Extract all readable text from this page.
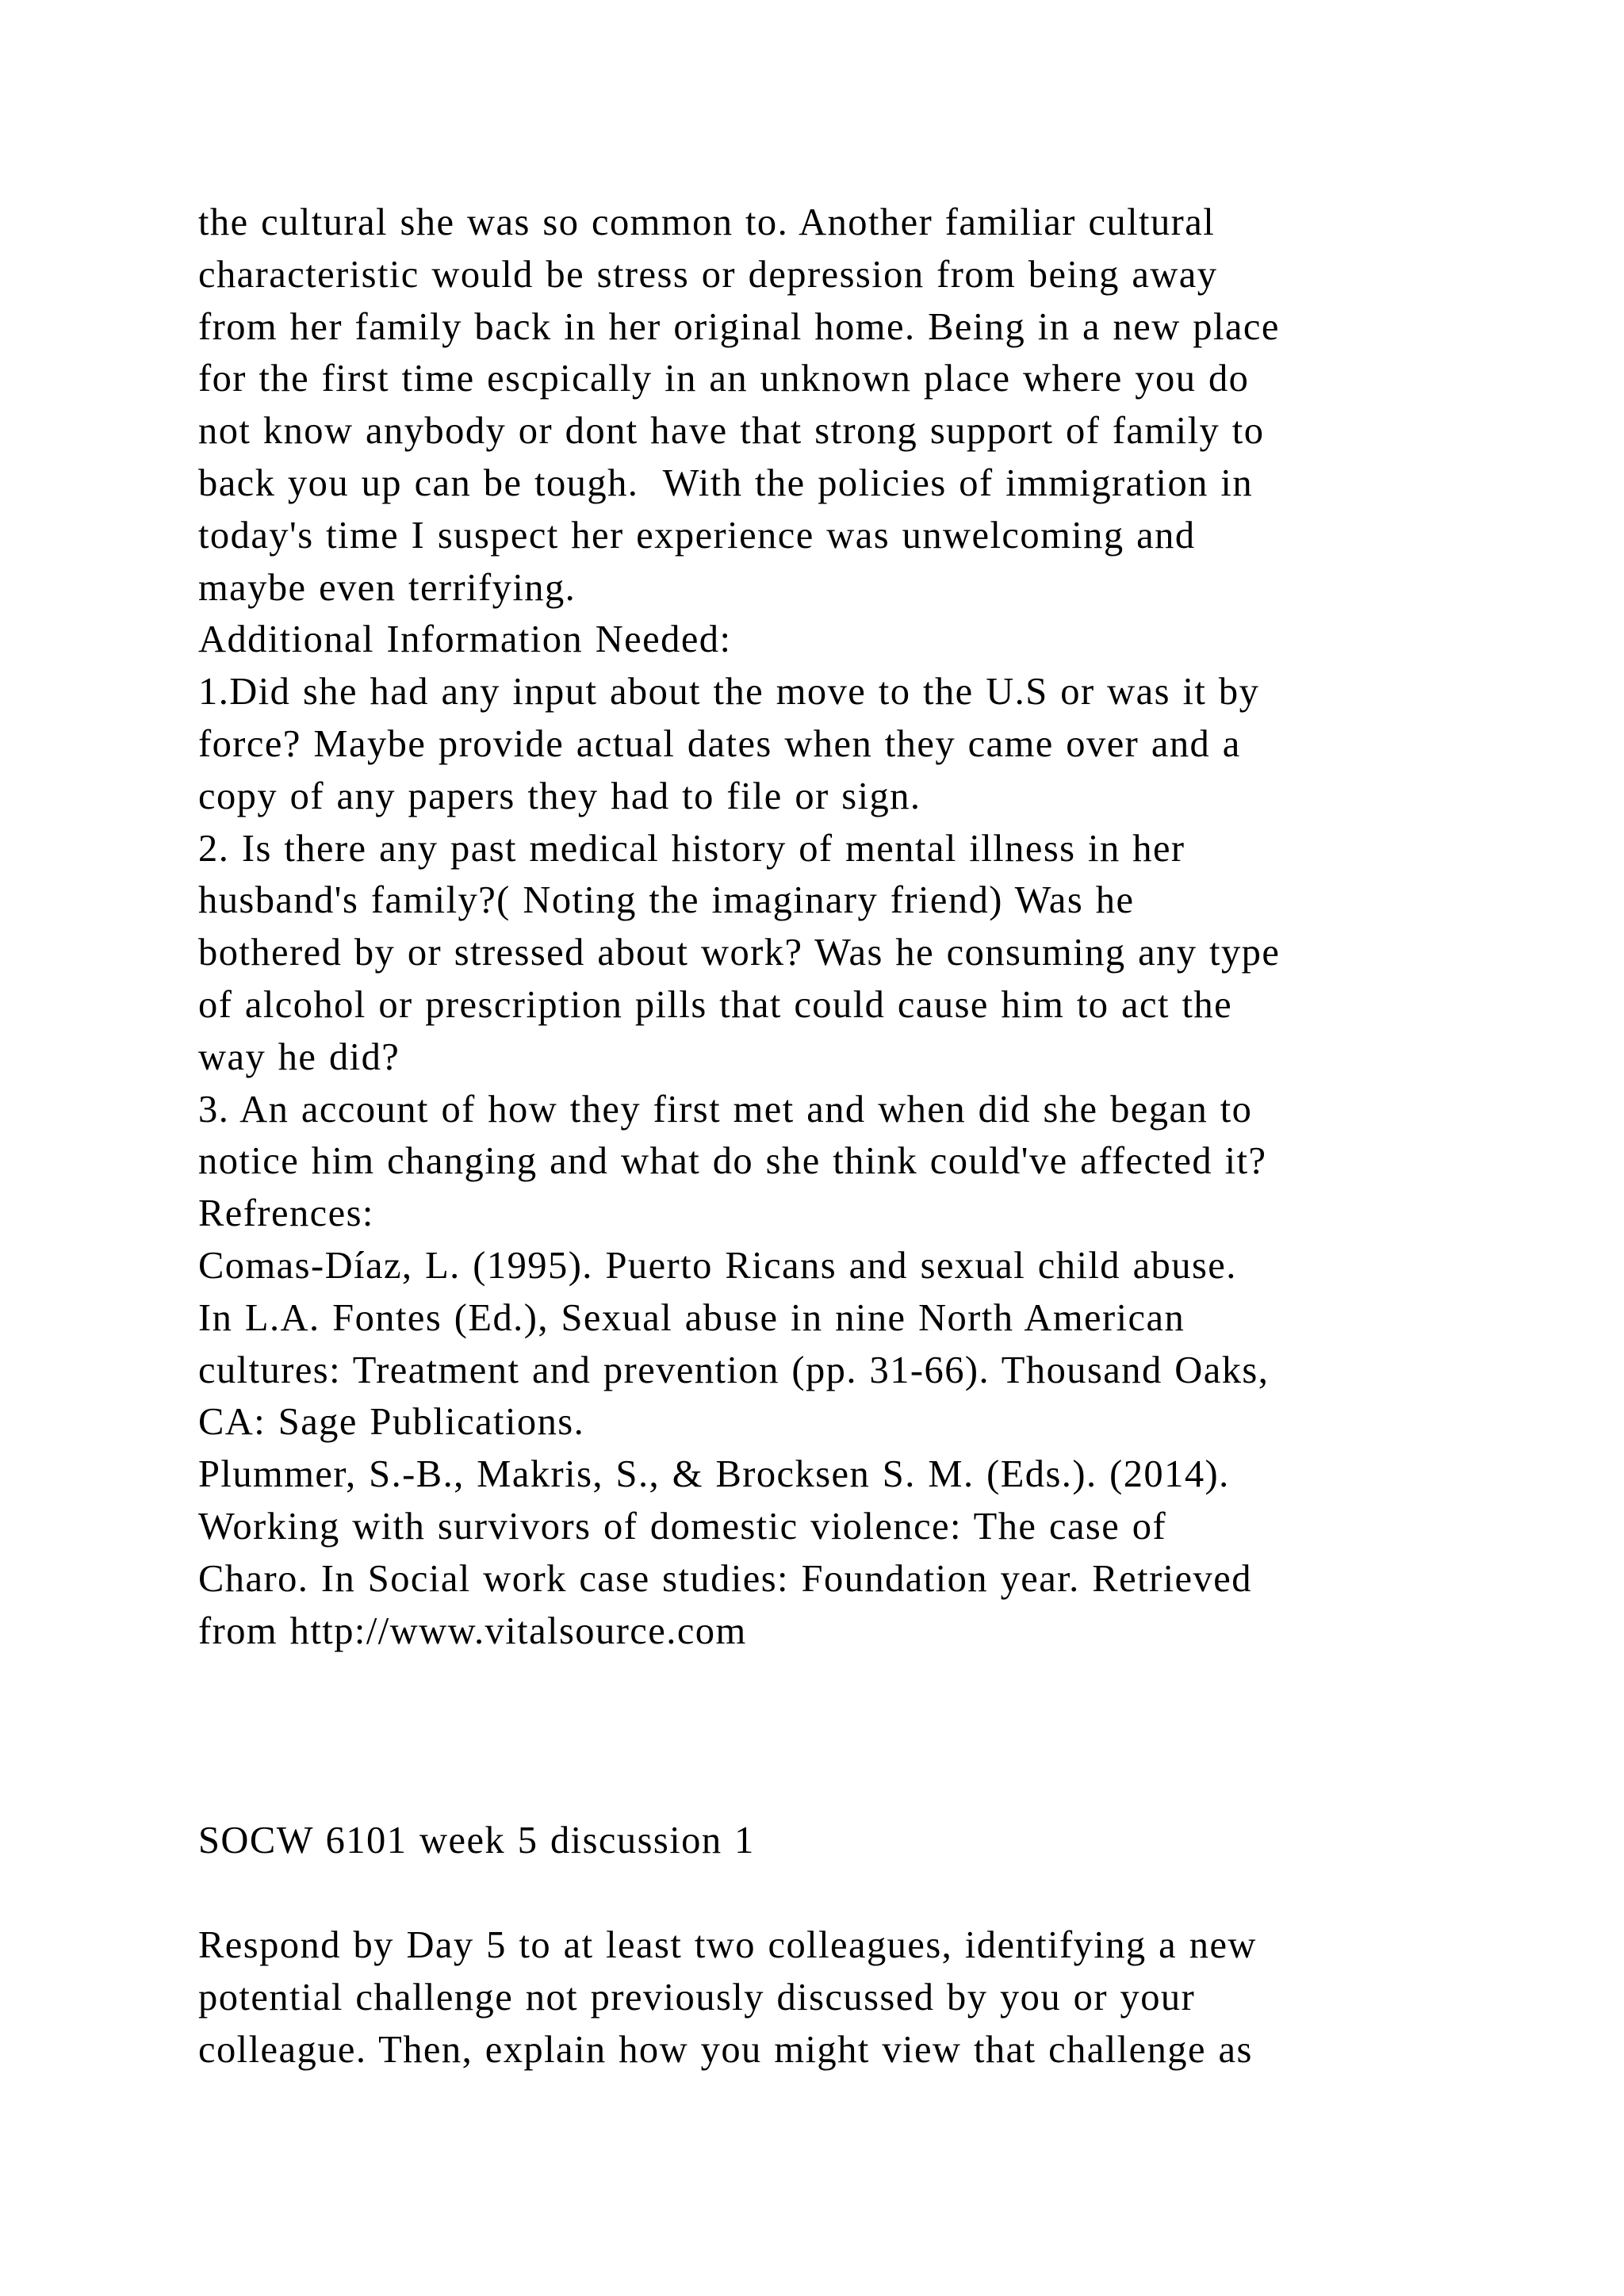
the cultural she was so common to. Another familiar cultural
characteristic would be stress or depression from being away
from her family back in her original home. Being in a new place
for the first time escpically in an unknown place where you do
not know anybody or dont have that strong support of family to
back you up can be tough.  With the policies of immigration in
today's time I suspect her experience was unwelcoming and
maybe even terrifying.
Additional Information Needed:
1.Did she had any input about the move to the U.S or was it by
force? Maybe provide actual dates when they came over and a
copy of any papers they had to file or sign.
2. Is there any past medical history of mental illness in her
husband's family?( Noting the imaginary friend) Was he
bothered by or stressed about work? Was he consuming any type
of alcohol or prescription pills that could cause him to act the
way he did?
3. An account of how they first met and when did she began to
notice him changing and what do she think could've affected it?
Refrences:
Comas-Díaz, L. (1995). Puerto Ricans and sexual child abuse.
In L.A. Fontes (Ed.), Sexual abuse in nine North American
cultures: Treatment and prevention (pp. 31-66). Thousand Oaks,
CA: Sage Publications.
Plummer, S.-B., Makris, S., & Brocksen S. M. (Eds.). (2014).
Working with survivors of domestic violence: The case of
Charo. In Social work case studies: Foundation year. Retrieved
from http://www.vitalsource.com
SOCW 6101 week 5 discussion 1
Respond by Day 5 to at least two colleagues, identifying a new
potential challenge not previously discussed by you or your
colleague. Then, explain how you might view that challenge as
